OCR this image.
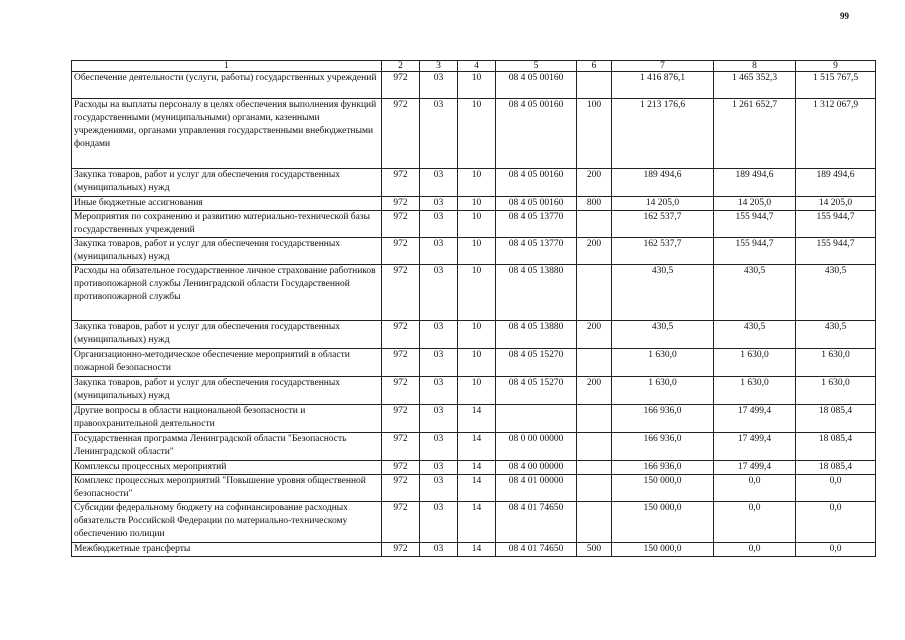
99
1	2	3	4	5	6	7	8	9
Обеспечение деятельности (услуги, работы) государственных учреждений	972	03	10	08 4 05 00160		1 416 876,1	1 465 352,3	1 515 767,5
Расходы на выплаты персоналу в целях обеспечения выполнения функций государственными (муниципальными) органами, казенными учреждениями, органами управления государственными внебюджетными фондами	972	03	10	08 4 05 00160	100	1 213 176,6	1 261 652,7	1 312 067,9
Закупка товаров, работ и услуг для обеспечения государственных (муниципальных) нужд	972	03	10	08 4 05 00160	200	189 494,6	189 494,6	189 494,6
Иные бюджетные ассигнования	972	03	10	08 4 05 00160	800	14 205,0	14 205,0	14 205,0
Мероприятия по сохранению и развитию материально-технической базы государственных учреждений	972	03	10	08 4 05 13770		162 537,7	155 944,7	155 944,7
Закупка товаров, работ и услуг для обеспечения государственных (муниципальных) нужд	972	03	10	08 4 05 13770	200	162 537,7	155 944,7	155 944,7
Расходы на обязательное государственное личное страхование работников противопожарной службы Ленинградской области Государственной противопожарной службы	972	03	10	08 4 05 13880		430,5	430,5	430,5
Закупка товаров, работ и услуг для обеспечения государственных (муниципальных) нужд	972	03	10	08 4 05 13880	200	430,5	430,5	430,5
Организационно-методическое обеспечение мероприятий в области пожарной безопасности	972	03	10	08 4 05 15270		1 630,0	1 630,0	1 630,0
Закупка товаров, работ и услуг для обеспечения государственных (муниципальных) нужд	972	03	10	08 4 05 15270	200	1 630,0	1 630,0	1 630,0
Другие вопросы в области национальной безопасности и правоохранительной деятельности	972	03	14			166 936,0	17 499,4	18 085,4
Государственная программа Ленинградской области "Безопасность Ленинградской области"	972	03	14	08 0 00 00000		166 936,0	17 499,4	18 085,4
Комплексы процессных мероприятий	972	03	14	08 4 00 00000		166 936,0	17 499,4	18 085,4
Комплекс процессных мероприятий "Повышение уровня общественной безопасности"	972	03	14	08 4 01 00000		150 000,0	0,0	0,0
Субсидии федеральному бюджету на софинансирование расходных обязательств Российской Федерации по материально-техническому обеспечению полиции	972	03	14	08 4 01 74650		150 000,0	0,0	0,0
Межбюджетные трансферты	972	03	14	08 4 01 74650	500	150 000,0	0,0	0,0
